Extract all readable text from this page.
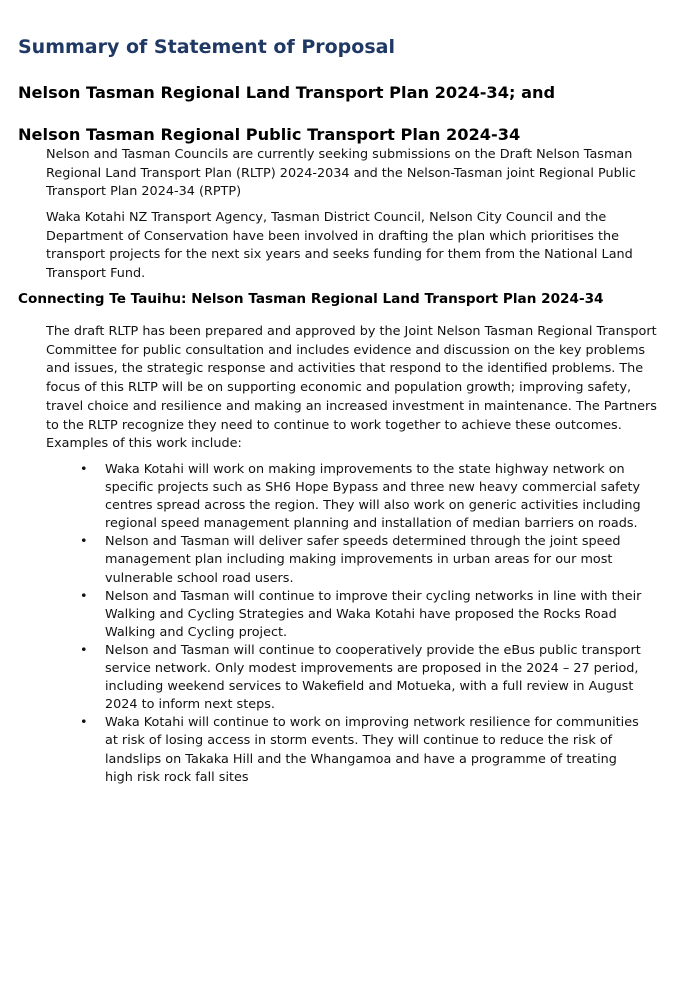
Summary of Statement of Proposal
Nelson Tasman Regional Land Transport Plan 2024-34; and
Nelson Tasman Regional Public Transport Plan 2024-34

Nelson and Tasman Councils are currently seeking submissions on the Draft Nelson Tasman Regional Land Transport Plan (RLTP) 2024-2034 and the Nelson-Tasman joint Regional Public Transport Plan 2024-34 (RPTP)

Waka Kotahi NZ Transport Agency, Tasman District Council, Nelson City Council and the Department of Conservation have been involved in drafting the plan which prioritises the transport projects for the next six years and seeks funding for them from the National Land Transport Fund.

Connecting Te Tauihu: Nelson Tasman Regional Land Transport Plan 2024-34

The draft RLTP has been prepared and approved by the Joint Nelson Tasman Regional Transport Committee for public consultation and includes evidence and discussion on the key problems and issues, the strategic response and activities that respond to the identified problems. The focus of this RLTP will be on supporting economic and population growth; improving safety, travel choice and resilience and making an increased investment in maintenance. The Partners to the RLTP recognize they need to continue to work together to achieve these outcomes. Examples of this work include:

• Waka Kotahi will work on making improvements to the state highway network on specific projects such as SH6 Hope Bypass and three new heavy commercial safety centres spread across the region. They will also work on generic activities including regional speed management planning and installation of median barriers on roads.
• Nelson and Tasman will deliver safer speeds determined through the joint speed management plan including making improvements in urban areas for our most vulnerable school road users.
• Nelson and Tasman will continue to improve their cycling networks in line with their Walking and Cycling Strategies and Waka Kotahi have proposed the Rocks Road Walking and Cycling project.
• Nelson and Tasman will continue to cooperatively provide the eBus public transport service network. Only modest improvements are proposed in the 2024 – 27 period, including weekend services to Wakefield and Motueka, with a full review in August 2024 to inform next steps.
• Waka Kotahi will continue to work on improving network resilience for communities at risk of losing access in storm events. They will continue to reduce the risk of landslips on Takaka Hill and the Whangamoa and have a programme of treating high risk rock fall sites
